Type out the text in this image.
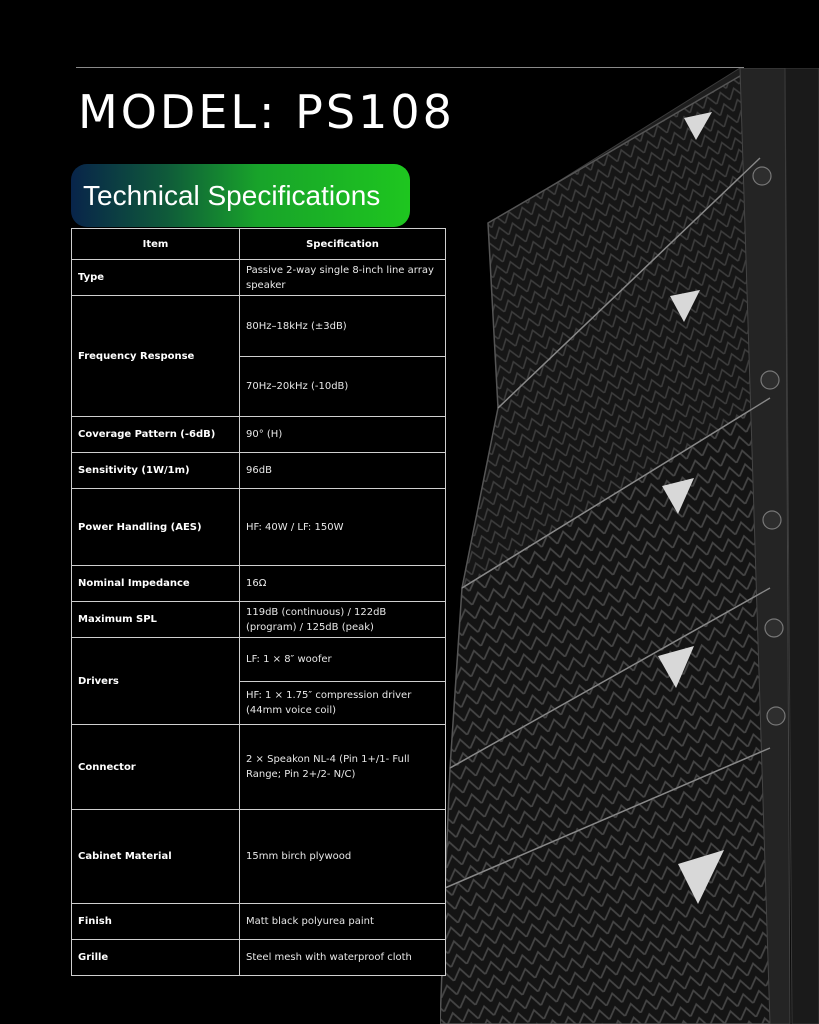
MODEL: PS108
Technical Specifications
Item	Specification
Type	Passive 2-way single 8-inch line array speaker
Frequency Response	80Hz–18kHz (±3dB)
	70Hz–20kHz (-10dB)
Coverage Pattern (-6dB)	90° (H)
Sensitivity (1W/1m)	96dB
Power Handling (AES)	HF: 40W / LF: 150W
Nominal Impedance	16Ω
Maximum SPL	119dB (continuous) / 122dB (program) / 125dB (peak)
Drivers	LF: 1 × 8″ woofer
	HF: 1 × 1.75″ compression driver (44mm voice coil)
Connector	2 × Speakon NL-4 (Pin 1+/1- Full Range; Pin 2+/2- N/C)
Cabinet Material	15mm birch plywood
Finish	Matt black polyurea paint
Grille	Steel mesh with waterproof cloth
